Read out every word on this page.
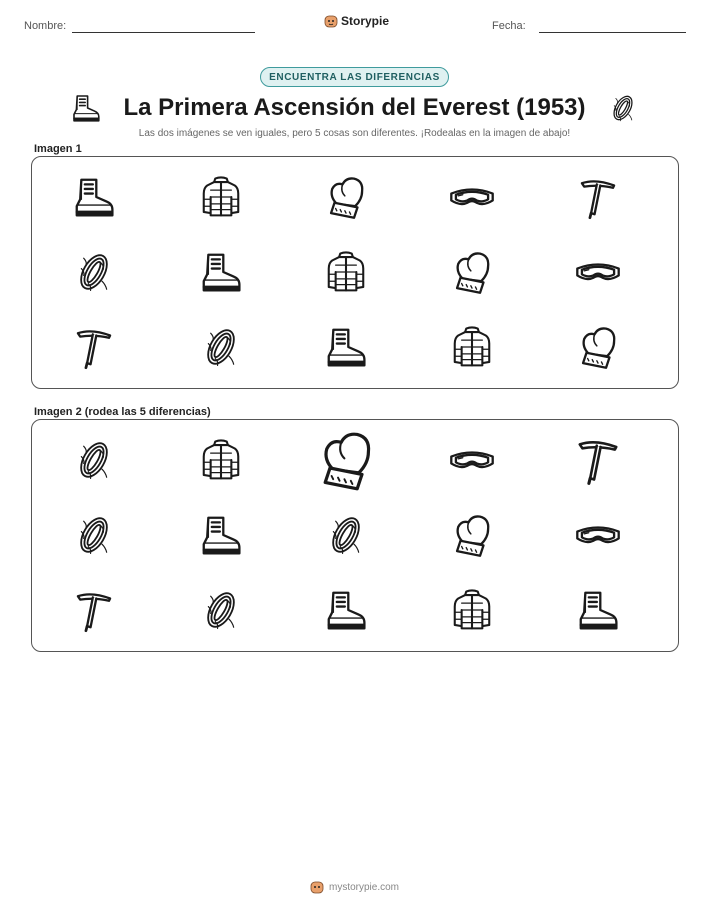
Nombre:	Storypie	Fecha:
ENCUENTRA LAS DIFERENCIAS
La Primera Ascensión del Everest (1953)
Las dos imágenes se ven iguales, pero 5 cosas son diferentes. ¡Rodealas en la imagen de abajo!
Imagen 1
Imagen 2 (rodea las 5 diferencias)
mystorypie.com
